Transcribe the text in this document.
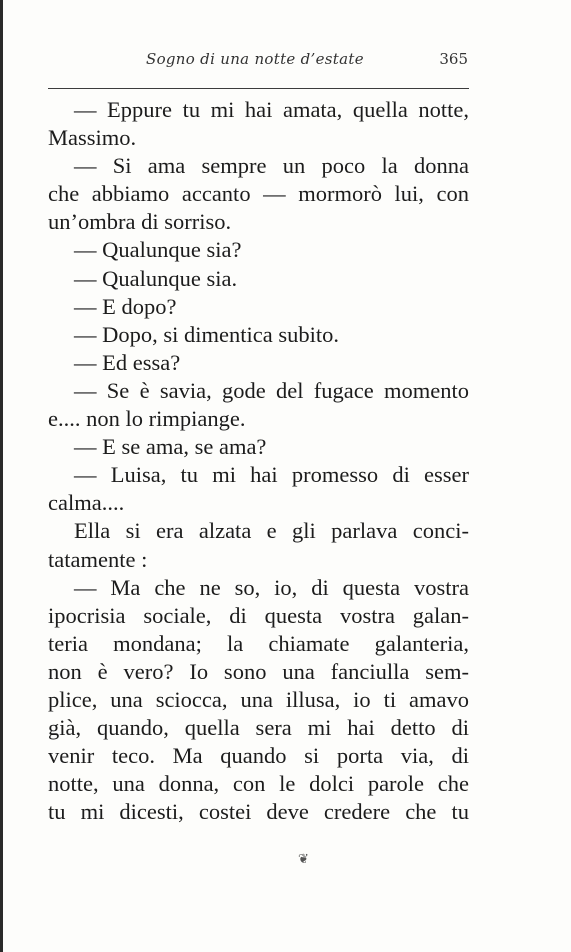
Sogno di una notte d’estate	365
— Eppure tu mi hai amata, quella notte,
Massimo.
— Si ama sempre un poco la donna
che abbiamo accanto — mormorò lui, con
un’ombra di sorriso.
— Qualunque sia?
— Qualunque sia.
— E dopo?
— Dopo, si dimentica subito.
— Ed essa?
— Se è savia, gode del fugace momento
e.... non lo rimpiange.
— E se ama, se ama?
— Luisa, tu mi hai promesso di esser
calma....
Ella si era alzata e gli parlava conci-
tatamente :
— Ma che ne so, io, di questa vostra
ipocrisia sociale, di questa vostra galan-
teria mondana; la chiamate galanteria,
non è vero? Io sono una fanciulla sem-
plice, una sciocca, una illusa, io ti amavo
già, quando, quella sera mi hai detto di
venir teco. Ma quando si porta via, di
notte, una donna, con le dolci parole che
tu mi dicesti, costei deve credere che tu
❦
